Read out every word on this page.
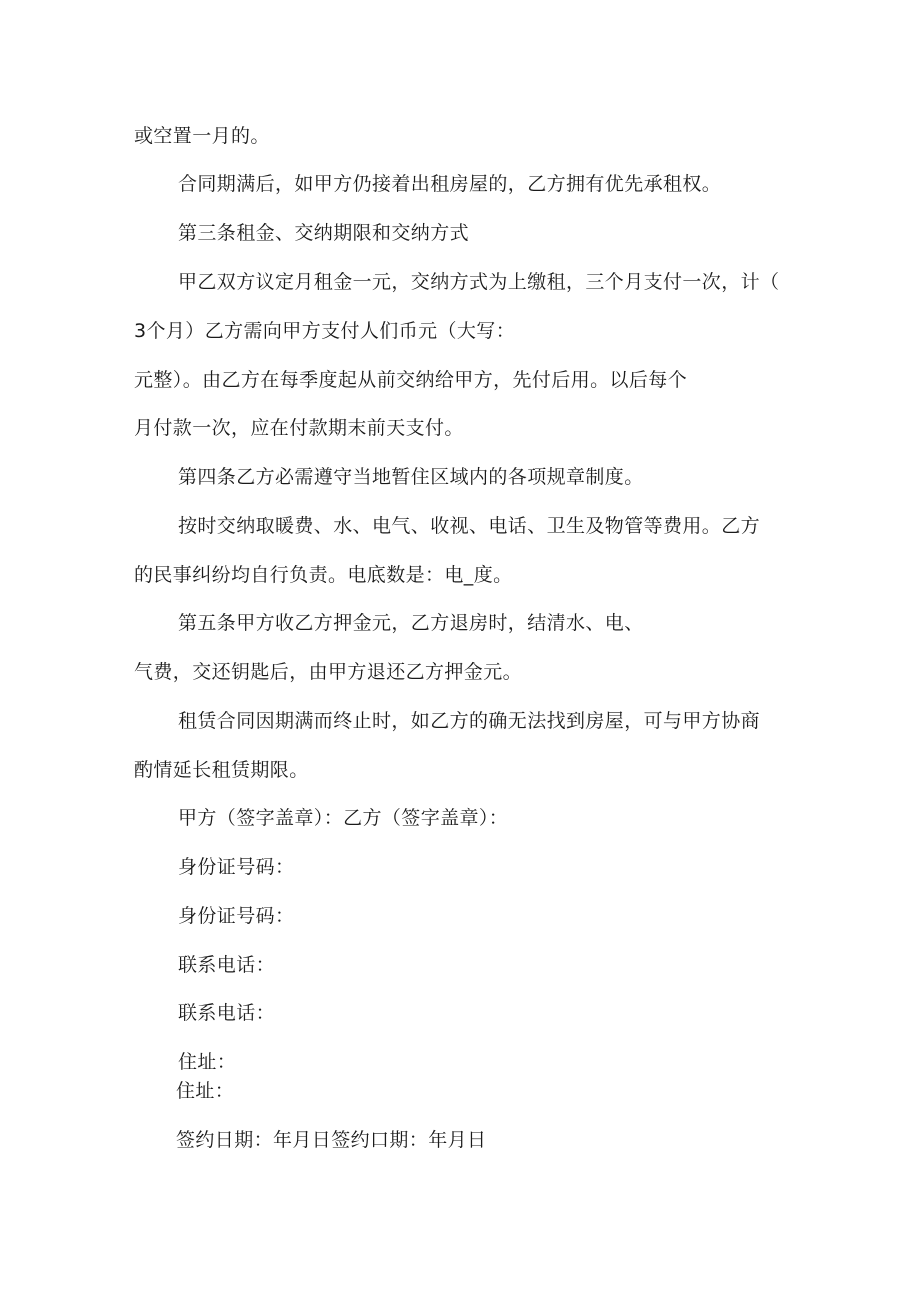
或空置一月的。
合同期满后，如甲方仍接着出租房屋的，乙方拥有优先承租权。
第三条租金、交纳期限和交纳方式
甲乙双方议定月租金一元，交纳方式为上缴租，三个月支付一次，计（
3个月）乙方需向甲方支付人们币元（大写：
元整）。由乙方在每季度起从前交纳给甲方，先付后用。以后每个
月付款一次，应在付款期末前天支付。
第四条乙方必需遵守当地暂住区域内的各项规章制度。
按时交纳取暖费、水、电气、收视、电话、卫生及物管等费用。乙方
的民事纠纷均自行负责。电底数是：电_度。
第五条甲方收乙方押金元，乙方退房时，结清水、电、
气费，交还钥匙后，由甲方退还乙方押金元。
租赁合同因期满而终止时，如乙方的确无法找到房屋，可与甲方协商
酌情延长租赁期限。
甲方（签字盖章）：乙方（签字盖章）：
身份证号码：
身份证号码：
联系电话：
联系电话：
住址：
住址：
签约日期：年月日签约口期：年月日
